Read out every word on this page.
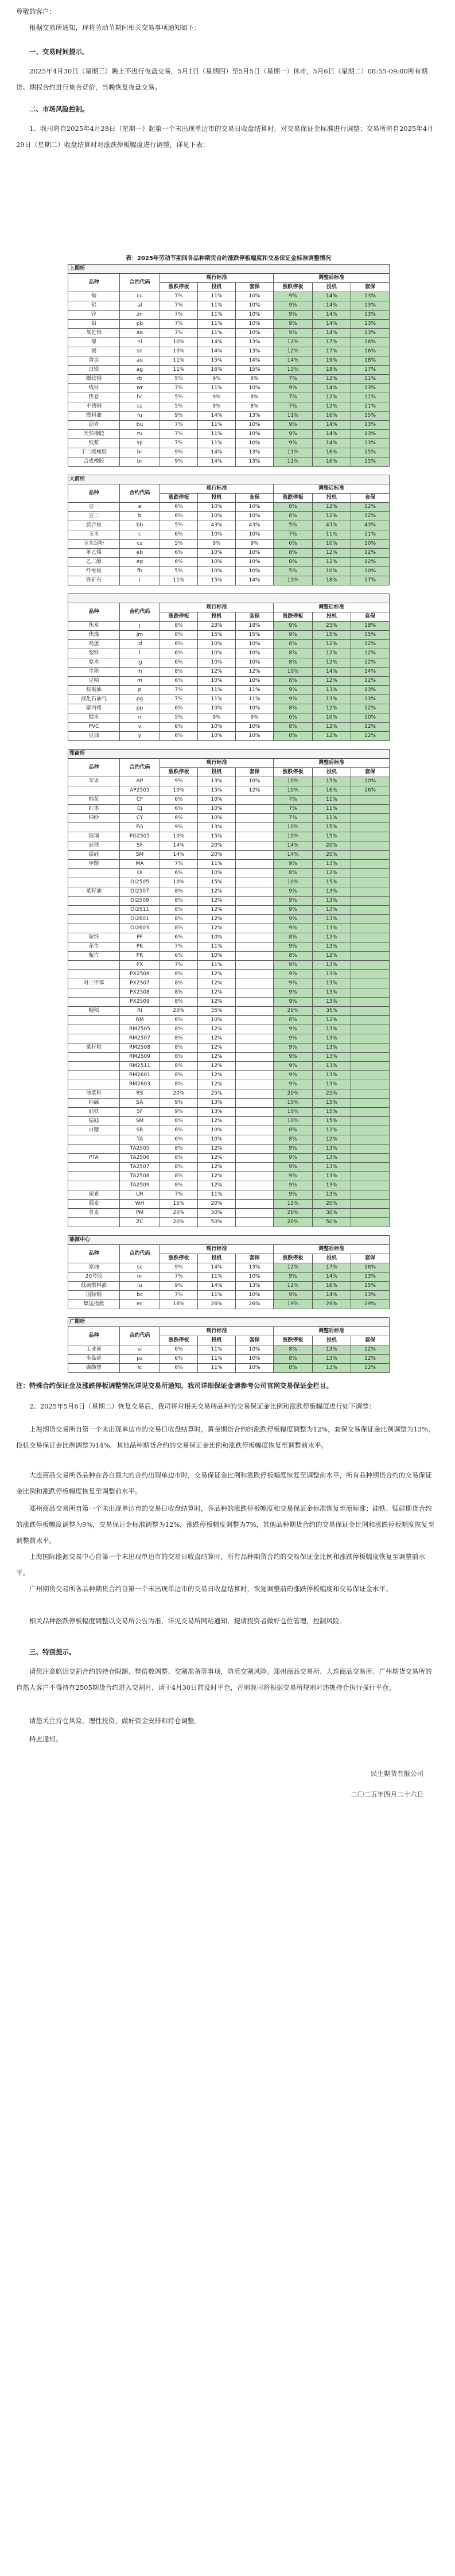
尊敬的客户：

根据交易所通知，现将劳动节期间相关交易事项通知如下：

一、交易时间提示。

2025年4月30日（星期三）晚上不进行夜盘交易，5月1日（星期四）至5月5日（星期一）休市，5月6日（星期二）08:55-09:00所有期货、期权合约进行集合竞价，当晚恢复夜盘交易。

二、市场风险控制。

1、我司将自2025年4月28日（星期一）起第一个未出现单边市的交易日收盘结算时，对交易保证金标准进行调整；交易所将自2025年4月29日（星期二）收盘结算时对涨跌停板幅度进行调整，详见下表：

表：2025年劳动节期间各品种期货合约涨跌停板幅度和交易保证金标准调整情况
上期所							
品种	合约代码	现行标准			调整后标准		
		涨跌停板	投机	套保	涨跌停板	投机	套保
铜	cu	7%	11%	10%	9%	14%	13%
铝	al	7%	11%	10%	9%	14%	13%
锌	zn	7%	11%	10%	9%	14%	13%
铅	pb	7%	11%	10%	9%	14%	13%
氧化铝	ao	7%	11%	10%	9%	14%	13%
镍	ni	10%	14%	13%	12%	17%	16%
锡	sn	10%	14%	13%	12%	17%	16%
黄金	au	11%	15%	14%	14%	19%	18%
白银	ag	11%	16%	15%	13%	18%	17%
螺纹钢	rb	5%	9%	8%	7%	12%	11%
线材	wr	7%	11%	10%	9%	14%	13%
热卷	hc	5%	9%	8%	7%	12%	11%
不锈钢	ss	5%	9%	8%	7%	12%	11%
燃料油	fu	9%	14%	13%	11%	16%	15%
沥青	bu	7%	11%	10%	9%	14%	13%
天然橡胶	ru	7%	11%	10%	9%	14%	13%
纸浆	sp	7%	11%	10%	9%	14%	13%
丁二烯橡胶	br	9%	14%	13%	11%	16%	15%
合成橡胶	br	9%	14%	13%	11%	16%	15%

大商所							
品种	合约代码	现行标准			调整后标准		
		涨跌停板	投机	套保	涨跌停板	投机	套保
豆一	a	6%	10%	10%	8%	12%	12%
豆二	b	6%	10%	10%	8%	12%	12%
胶合板	bb	5%	43%	43%	5%	43%	43%
玉米	c	6%	10%	10%	7%	11%	11%
玉米淀粉	cs	5%	9%	9%	6%	10%	10%
苯乙烯	eb	6%	10%	10%	8%	12%	12%
乙二醇	eg	6%	10%	10%	8%	12%	12%
纤维板	fb	5%	10%	10%	5%	10%	10%
铁矿石	i	11%	15%	14%	13%	18%	17%

品种	合约代码	现行标准			调整后标准		
		涨跌停板	投机	套保	涨跌停板	投机	套保
焦炭	j	8%	23%	18%	9%	23%	18%
焦煤	jm	8%	15%	15%	9%	15%	15%
鸡蛋	jd	6%	10%	10%	8%	12%	12%
塑料	l	6%	10%	10%	8%	12%	12%
原木	lg	6%	10%	10%	8%	12%	12%
生猪	lh	8%	12%	12%	10%	14%	14%
豆粕	m	6%	10%	10%	8%	12%	12%
棕榈油	p	7%	11%	11%	9%	13%	13%
液化石油气	pg	7%	11%	11%	9%	13%	13%
聚丙烯	pp	6%	10%	10%	8%	12%	12%
粳米	rr	5%	9%	9%	6%	10%	10%
PVC	v	6%	10%	10%	8%	12%	12%
豆油	y	6%	10%	10%	8%	12%	12%

郑商所							
品种	合约代码	现行标准			调整后标准		
		涨跌停板	投机	套保	涨跌停板	投机	套保
苹果	AP	9%	13%	10%	10%	15%	10%
	AP2505	10%	15%	12%	10%	16%	16%
棉花	CF	6%	10%		7%	11%	
红枣	CJ	6%	10%		7%	11%	
棉纱	CY	6%	10%		7%	11%	
	FG	9%	13%		10%	15%	
玻璃	FG2505	10%	15%		10%	15%	
硅铁	SF	14%	20%		14%	20%	
锰硅	SM	14%	20%		14%	20%	
甲醇	MA	7%	11%		9%	13%	
	OI	6%	10%		8%	12%	
	OI2505	10%	15%		10%	15%	
菜籽油	OI2507	8%	12%		9%	13%	
	OI2509	8%	12%		9%	13%	
	OI2511	8%	12%		9%	13%	
	OI2601	8%	12%		9%	13%	
	OI2603	8%	12%		9%	13%	
短纤	PF	6%	10%		8%	12%	
花生	PK	7%	11%		9%	13%	
瓶片	PR	6%	10%		8%	12%	
	PX	7%	11%		9%	13%	
	PX2506	8%	12%		9%	13%	
对二甲苯	PX2507	8%	12%		9%	13%	
	PX2508	8%	12%		9%	13%	
	PX2509	8%	12%		9%	13%	
粳稻	RI	20%	35%		20%	35%	
	RM	6%	10%		8%	12%	
	RM2505	8%	12%		9%	13%	
	RM2507	8%	12%		9%	13%	
菜籽粕	RM2508	8%	12%		9%	13%	
	RM2509	8%	12%		9%	13%	
	RM2511	8%	12%		9%	13%	
	RM2601	8%	12%		9%	13%	
	RM2603	8%	12%		9%	13%	
油菜籽	RS	20%	25%		20%	25%	
纯碱	SA	9%	13%		10%	15%	
硅铁	SF	9%	13%		10%	15%	
锰硅	SM	8%	12%		10%	15%	
白糖	SR	6%	10%		8%	12%	
	TA	6%	10%		8%	12%	
	TA2505	8%	12%		9%	13%	
PTA	TA2506	8%	12%		9%	13%	
	TA2507	8%	12%		9%	13%	
	TA2508	8%	12%		9%	13%	
	TA2509	8%	12%		9%	13%	
尿素	UR	7%	11%		9%	13%	
强麦	WH	15%	20%		15%	20%	
普麦	PM	20%	30%		20%	30%	
	ZC	20%	50%		20%	50%	

能源中心							
品种	合约代码	现行标准			调整后标准		
		涨跌停板	投机	套保	涨跌停板	投机	套保
原油	sc	9%	14%	13%	12%	17%	16%
20号胶	nr	7%	11%	10%	9%	14%	13%
低硫燃料油	lu	9%	14%	13%	11%	16%	15%
国际铜	bc	7%	11%	10%	9%	14%	13%
集运指数	ec	16%	26%	26%	19%	29%	29%

广期所							
品种	合约代码	现行标准			调整后标准		
		涨跌停板	投机	套保	涨跌停板	投机	套保
工业硅	si	6%	11%	10%	8%	13%	12%
多晶硅	ps	6%	11%	10%	8%	13%	12%
碳酸锂	lc	6%	11%	10%	8%	13%	12%

注：特殊合约保证金及涨跌停板调整情况详见交易所通知，我司详细保证金请参考公司官网交易保证金栏目。

2、2025年5月6日（星期二）恢复交易后，我司将对相关交易所品种的交易保证金比例和涨跌停板幅度进行如下调整：

上海期货交易所自第一个未出现单边市的交易日收盘结算时，黄金期货合约的涨跌停板幅度调整为12%，套保交易保证金比例调整为13%，投机交易保证金比例调整为14%，其他品种期货合约的交易保证金比例和涨跌停板幅度恢复至调整前水平。

大连商品交易所各品种在各自最大的合约出现单边市时，交易保证金比例和涨跌停板幅度恢复至调整前水平，所有品种期货合约的交易保证金比例和涨跌停板幅度恢复至调整前水平。

郑州商品交易所自第一个未出现单边市的交易日收盘结算时，各品种的涨跌停板幅度和交易保证金标准恢复至原标准；硅铁、锰硅期货合约的涨跌停板幅度调整为9%，交易保证金标准调整为12%，涨跌停板幅度调整为7%，其他品种期货合约的交易保证金比例和涨跌停板幅度恢复至调整前水平。

上海国际能源交易中心自第一个未出现单边市的交易日收盘结算时，所有品种期货合约的交易保证金比例和涨跌停板幅度恢复至调整前水平。

广州期货交易所各品种期货合约自第一个未出现单边市的交易日收盘结算时，恢复调整前的涨跌停板幅度和交易保证金水平。

相关品种涨跌停板幅度调整以交易所公告为准，详见交易所网站通知，提请投资者做好仓位管理，控制风险。

三、特别提示。

请您注意临近交割合约的持仓限额、整倍数调整、交割准备等事项，防范交割风险。郑州商品交易所、大连商品交易所、广州期货交易所的自然人客户不得持有2505期货合约进入交割月，请于4月30日前及时平仓，否则我司将根据交易所规则对违规持仓执行强行平仓。

请您关注持仓风险，理性投资，做好资金安排和持仓调整。

特此通知。

民生期货有限公司

二〇二五年四月二十六日
